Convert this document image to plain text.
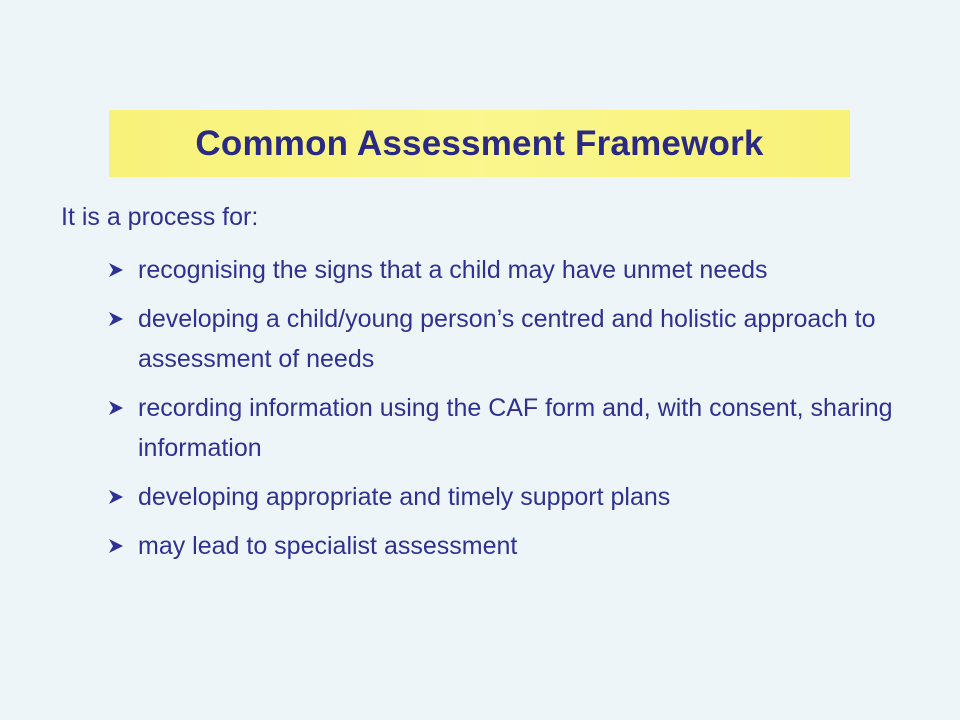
Common Assessment Framework
It is a process for:
recognising the signs that a child may have unmet needs
developing a child/young person’s centred and holistic approach to assessment of needs
recording information using the CAF form and, with consent, sharing information
developing appropriate and timely support plans
may lead to specialist assessment
